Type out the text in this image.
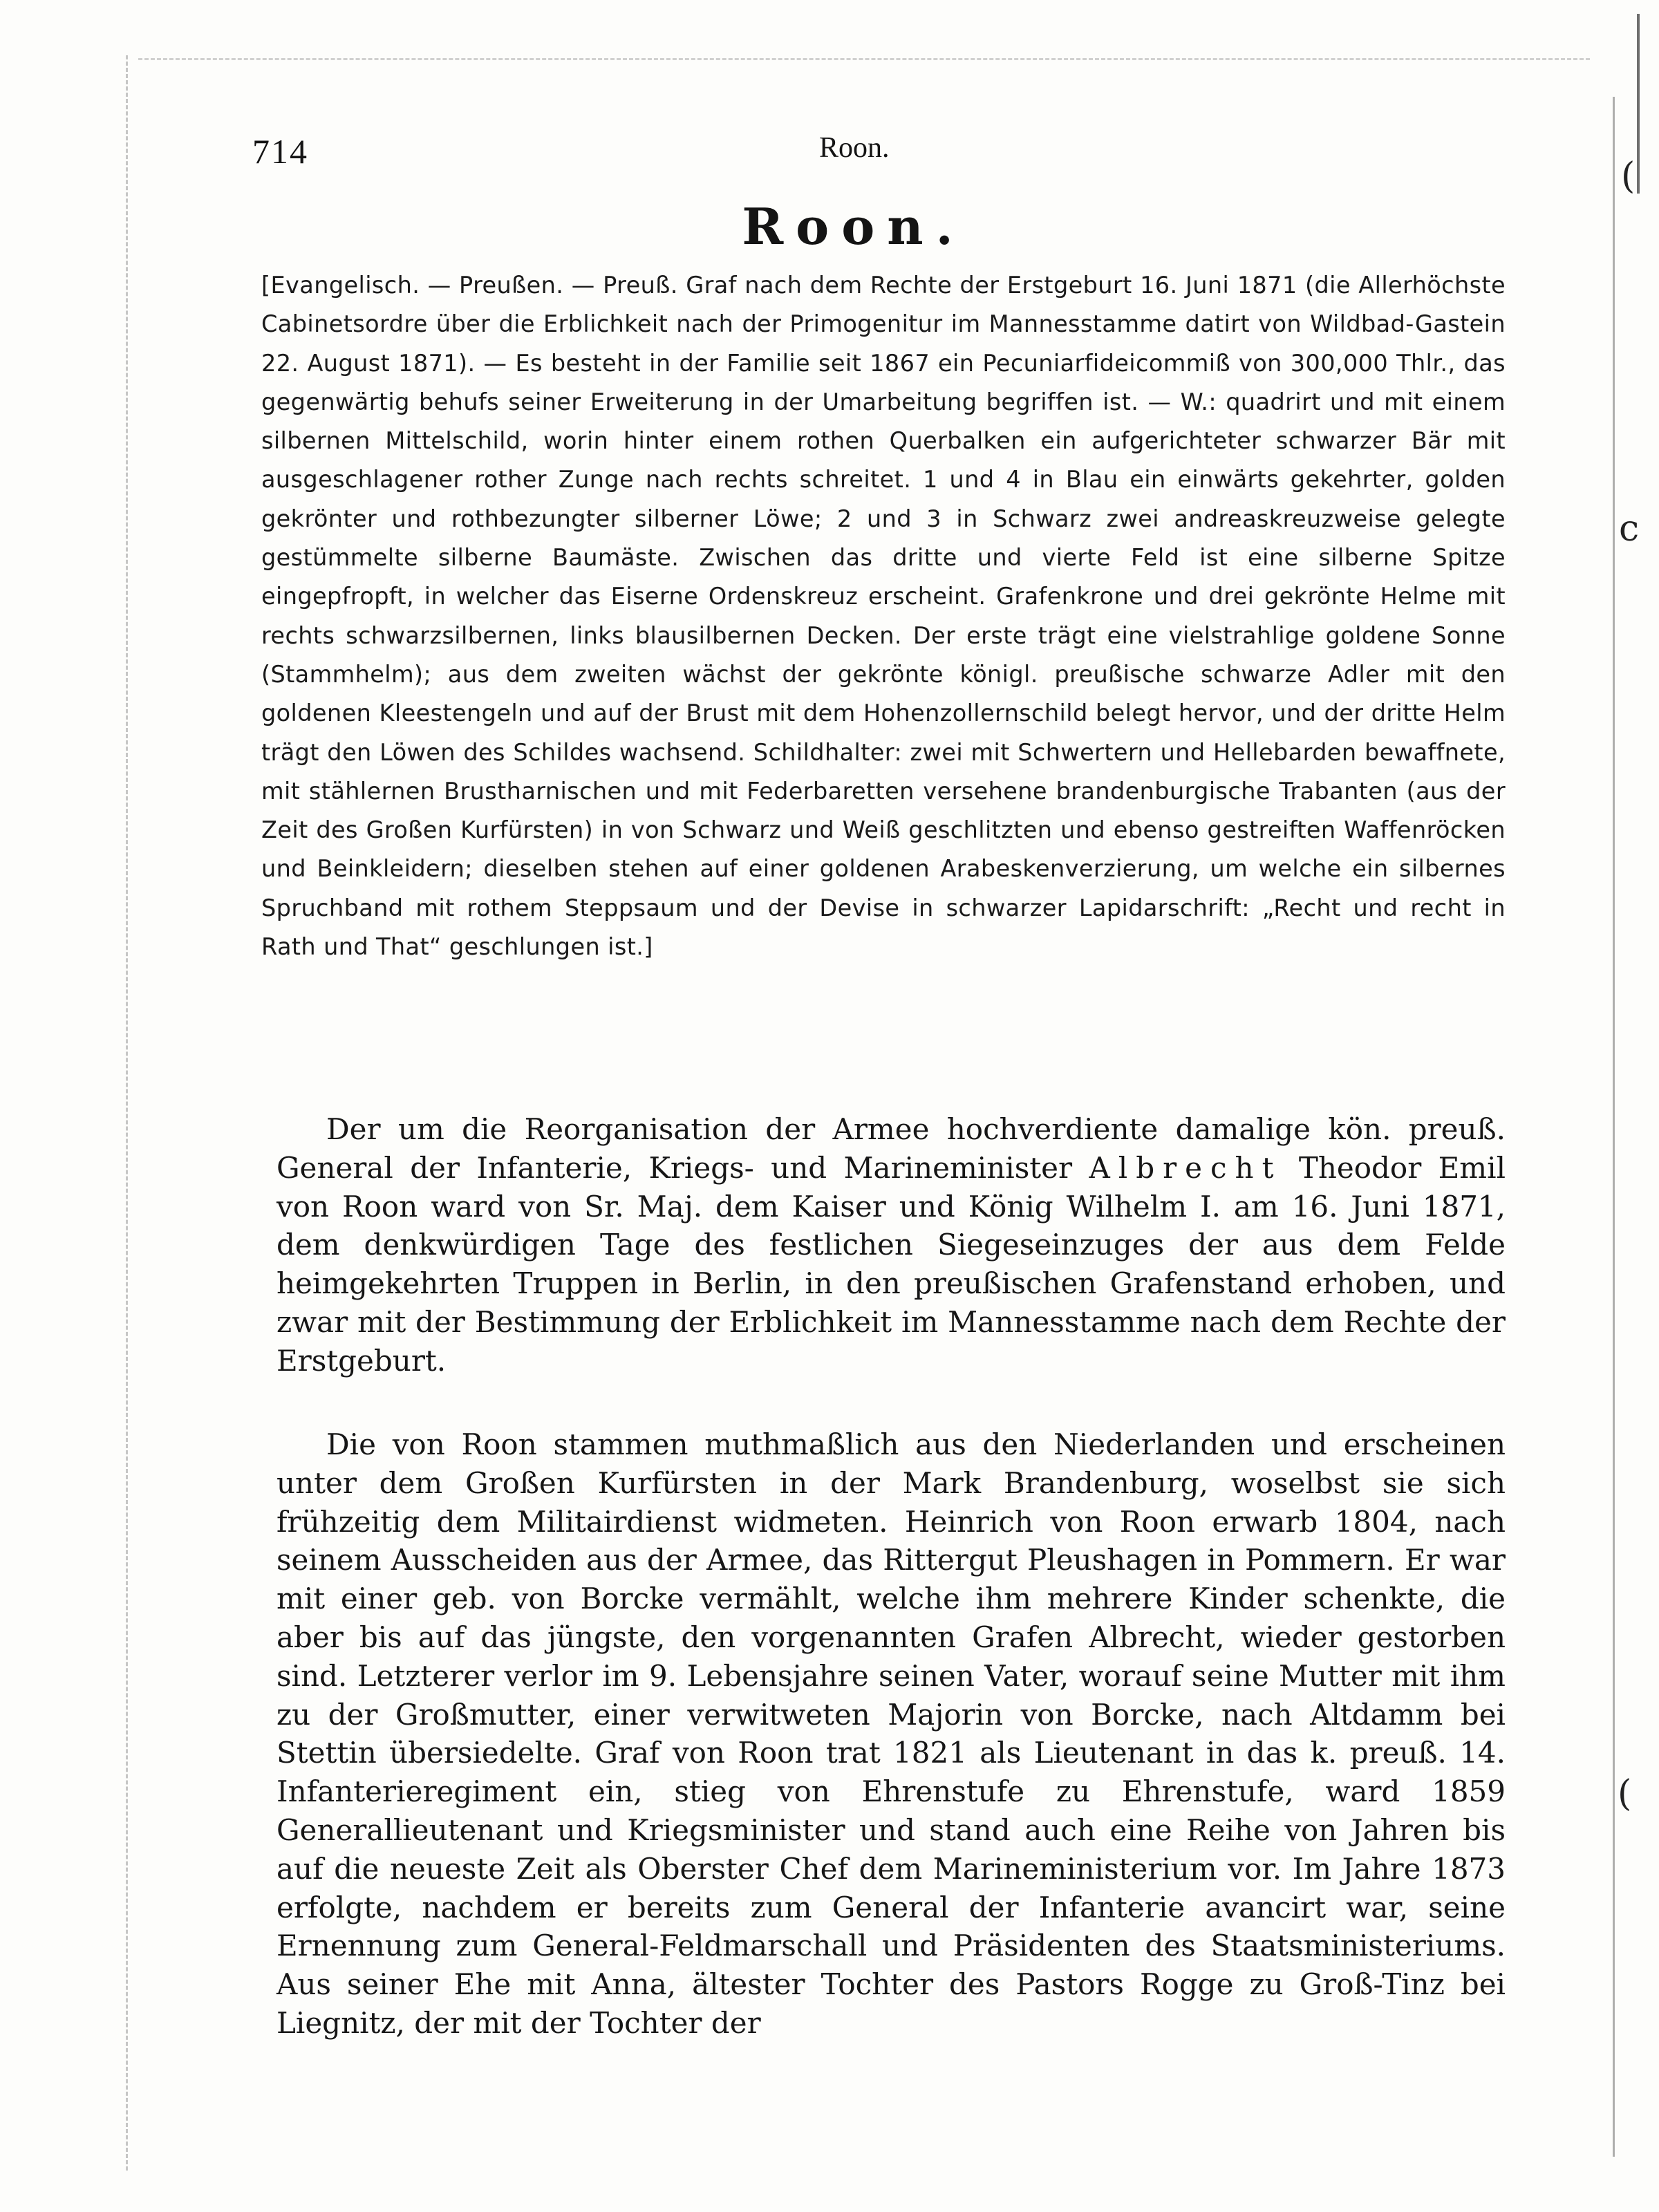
(
c
(
714	Roon.
Roon.

[Evangelisch. — Preußen. — Preuß. Graf nach dem Rechte der Erstgeburt 16. Juni 1871 (die Allerhöchste Cabinetsordre über die Erblichkeit nach der Primogenitur im Mannesstamme datirt von Wildbad-Gastein 22. August 1871). — Es besteht in der Familie seit 1867 ein Pecuniarfideicommiß von 300,000 Thlr., das gegenwärtig behufs seiner Erweiterung in der Umarbeitung begriffen ist. — W.: quadrirt und mit einem silbernen Mittelschild, worin hinter einem rothen Querbalken ein aufgerichteter schwarzer Bär mit ausgeschlagener rother Zunge nach rechts schreitet. 1 und 4 in Blau ein einwärts gekehrter, golden gekrönter und rothbezungter silberner Löwe; 2 und 3 in Schwarz zwei andreaskreuzweise gelegte gestümmelte silberne Baumäste. Zwischen das dritte und vierte Feld ist eine silberne Spitze eingepfropft, in welcher das Eiserne Ordenskreuz erscheint. Grafenkrone und drei gekrönte Helme mit rechts schwarzsilbernen, links blausilbernen Decken. Der erste trägt eine vielstrahlige goldene Sonne (Stammhelm); aus dem zweiten wächst der gekrönte königl. preußische schwarze Adler mit den goldenen Kleestengeln und auf der Brust mit dem Hohenzollernschild belegt hervor, und der dritte Helm trägt den Löwen des Schildes wachsend. Schildhalter: zwei mit Schwertern und Hellebarden bewaffnete, mit stählernen Brustharnischen und mit Federbaretten versehene brandenburgische Trabanten (aus der Zeit des Großen Kurfürsten) in von Schwarz und Weiß geschlitzten und ebenso gestreiften Waffenröcken und Beinkleidern; dieselben stehen auf einer goldenen Arabeskenverzierung, um welche ein silbernes Spruchband mit rothem Steppsaum und der Devise in schwarzer Lapidarschrift: „Recht und recht in Rath und That“ geschlungen ist.]

Der um die Reorganisation der Armee hochverdiente damalige kön. preuß. General der Infanterie, Kriegs- und Marineminister Albrecht Theodor Emil von Roon ward von Sr. Maj. dem Kaiser und König Wilhelm I. am 16. Juni 1871, dem denkwürdigen Tage des festlichen Siegeseinzuges der aus dem Felde heimgekehrten Truppen in Berlin, in den preußischen Grafenstand erhoben, und zwar mit der Bestimmung der Erblichkeit im Mannesstamme nach dem Rechte der Erstgeburt.

Die von Roon stammen muthmaßlich aus den Niederlanden und erscheinen unter dem Großen Kurfürsten in der Mark Brandenburg, woselbst sie sich frühzeitig dem Militairdienst widmeten. Heinrich von Roon erwarb 1804, nach seinem Ausscheiden aus der Armee, das Rittergut Pleushagen in Pommern. Er war mit einer geb. von Borcke vermählt, welche ihm mehrere Kinder schenkte, die aber bis auf das jüngste, den vorgenannten Grafen Albrecht, wieder gestorben sind. Letzterer verlor im 9. Lebensjahre seinen Vater, worauf seine Mutter mit ihm zu der Großmutter, einer verwitweten Majorin von Borcke, nach Altdamm bei Stettin übersiedelte. Graf von Roon trat 1821 als Lieutenant in das k. preuß. 14. Infanterieregiment ein, stieg von Ehrenstufe zu Ehrenstufe, ward 1859 Generallieutenant und Kriegsminister und stand auch eine Reihe von Jahren bis auf die neueste Zeit als Oberster Chef dem Marineministerium vor. Im Jahre 1873 erfolgte, nachdem er bereits zum General der Infanterie avancirt war, seine Ernennung zum General-Feldmarschall und Präsidenten des Staatsministeriums. Aus seiner Ehe mit Anna, ältester Tochter des Pastors Rogge zu Groß-Tinz bei Liegnitz, der mit der Tochter der
